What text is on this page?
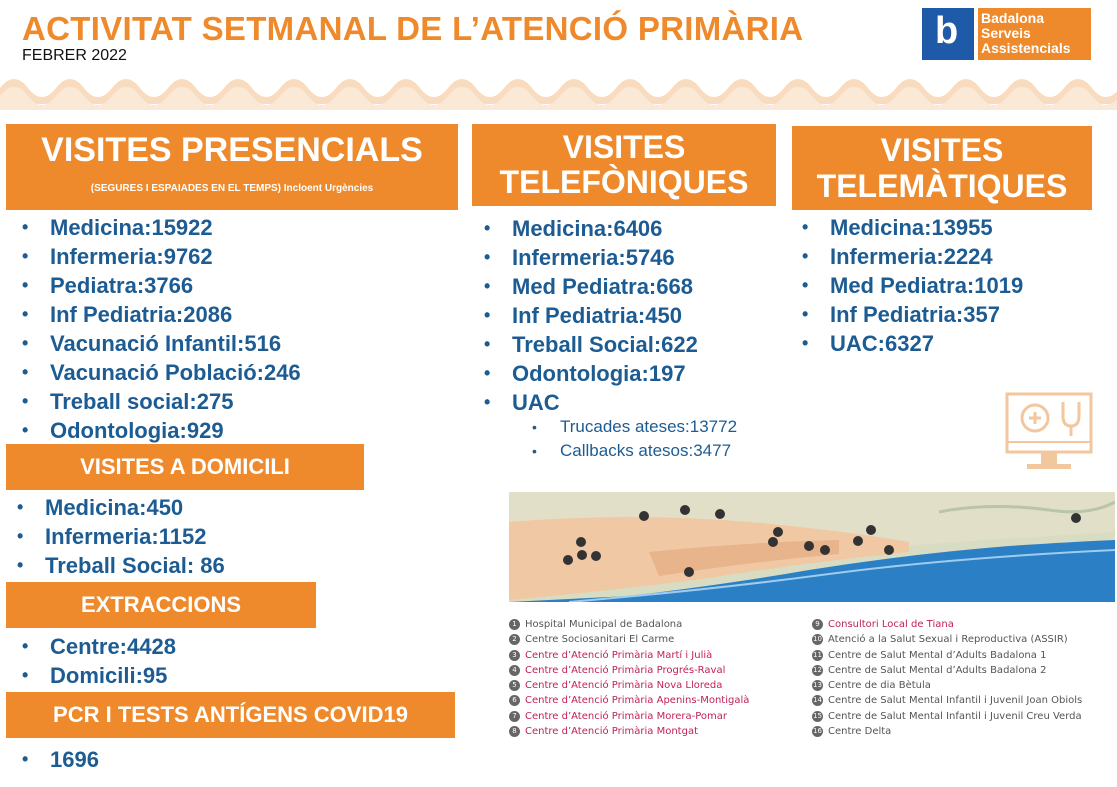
ACTIVITAT SETMANAL DE L’ATENCIÓ PRIMÀRIA
FEBRER 2022
b Badalona
Serveis
Assistencials
VISITES PRESENCIALS
(SEGURES I ESPAIADES EN EL TEMPS) Incloent Urgències
• Medicina:15922
• Infermeria:9762
• Pediatra:3766
• Inf Pediatria:2086
• Vacunació Infantil:516
• Vacunació Població:246
• Treball social:275
• Odontologia:929
VISITES A DOMICILI
• Medicina:450
• Infermeria:1152
• Treball Social: 86
EXTRACCIONS
• Centre:4428
• Domicili:95
PCR I TESTS ANTÍGENS COVID19
• 1696
VISITES
TELEFÒNIQUES
• Medicina:6406
• Infermeria:5746
• Med Pediatra:668
• Inf Pediatria:450
• Treball Social:622
• Odontologia:197
• UAC
• Trucades ateses:13772
• Callbacks atesos:3477
VISITES
TELEMÀTIQUES
• Medicina:13955
• Infermeria:2224
• Med Pediatra:1019
• Inf Pediatria:357
• UAC:6327
1 Hospital Municipal de Badalona
2 Centre Sociosanitari El Carme
3 Centre d’Atenció Primària Martí i Julià
4 Centre d’Atenció Primària Progrés-Raval
5 Centre d’Atenció Primària Nova Lloreda
6 Centre d’Atenció Primària Apenins-Montigalà
7 Centre d’Atenció Primària Morera-Pomar
8 Centre d’Atenció Primària Montgat
9 Consultori Local de Tiana
10 Atenció a la Salut Sexual i Reproductiva (ASSIR)
11 Centre de Salut Mental d’Adults Badalona 1
12 Centre de Salut Mental d’Adults Badalona 2
13 Centre de dia Bètula
14 Centre de Salut Mental Infantil i Juvenil Joan Obiols
15 Centre de Salut Mental Infantil i Juvenil Creu Verda
16 Centre Delta
